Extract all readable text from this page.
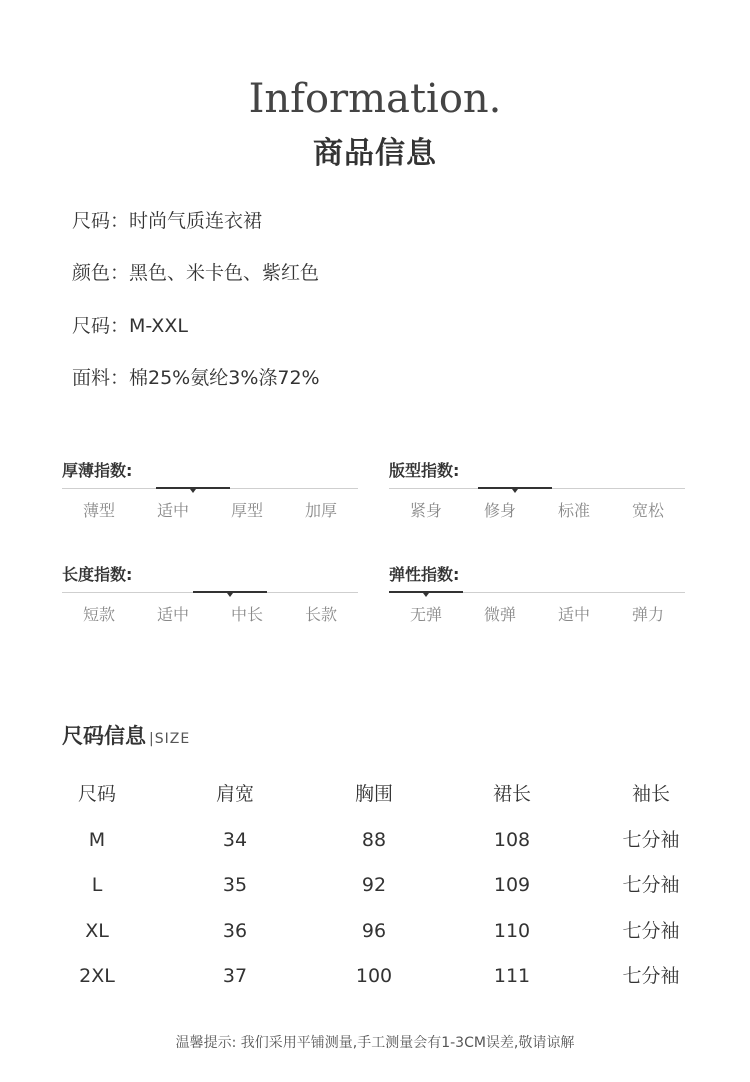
Information.
商品信息
尺码：时尚气质连衣裙
颜色：黑色、米卡色、紫红色
尺码：M-XXL
面料：棉25%氨纶3%涤72%
厚薄指数:
薄型	适中	厚型	加厚
版型指数:
紧身	修身	标准	宽松
长度指数:
短款	适中	中长	长款
弹性指数:
无弹	微弹	适中	弹力
尺码信息 |SIZE
尺码	肩宽	胸围	裙长	袖长
M	34	88	108	七分袖
L	35	92	109	七分袖
XL	36	96	110	七分袖
2XL	37	100	111	七分袖
温馨提示: 我们采用平铺测量,手工测量会有1-3CM误差,敬请谅解
